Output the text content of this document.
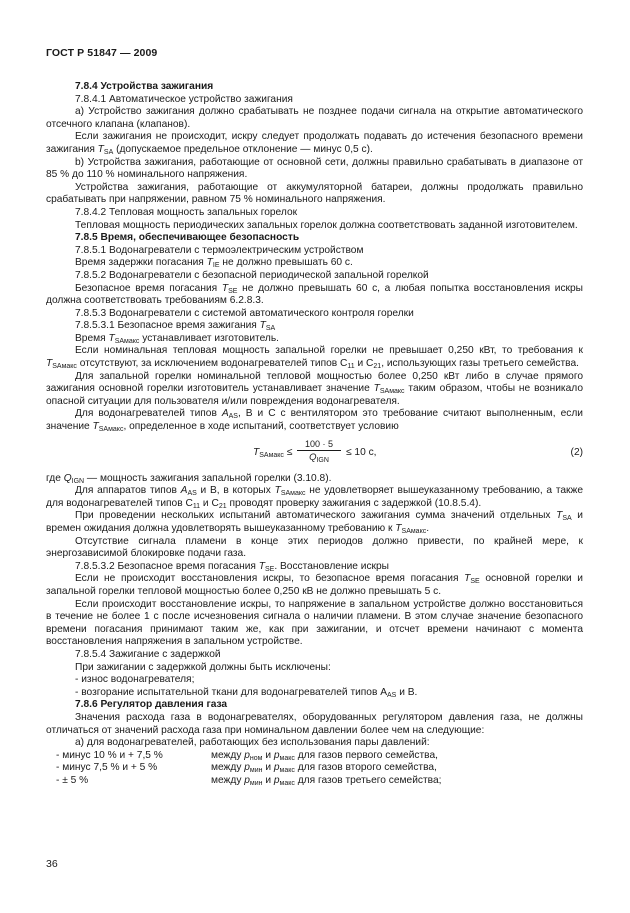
ГОСТ Р 51847 — 2009

7.8.4 Устройства зажигания

7.8.4.1 Автоматическое устройство зажигания

а) Устройство зажигания должно срабатывать не позднее подачи сигнала на открытие автоматического отсечного клапана (клапанов).

Если зажигания не происходит, искру следует продолжать подавать до истечения безопасного времени зажигания $T_{SA}$ (допускаемое предельное отклонение — минус 0,5 с).

b) Устройства зажигания, работающие от основной сети, должны правильно срабатывать в диапазоне от 85 % до 110 % номинального напряжения.

Устройства зажигания, работающие от аккумуляторной батареи, должны продолжать правильно срабатывать при напряжении, равном 75 % номинального напряжения.

7.8.4.2 Тепловая мощность запальных горелок

Тепловая мощность периодических запальных горелок должна соответствовать заданной изготовителем.

7.8.5 Время, обеспечивающее безопасность

7.8.5.1 Водонагреватели с термоэлектрическим устройством

Время задержки погасания $T_{IE}$ не должно превышать 60 с.

7.8.5.2 Водонагреватели с безопасной периодической запальной горелкой

Безопасное время погасания $T_{SE}$ не должно превышать 60 с, а любая попытка восстановления искры должна соответствовать требованиям 6.2.8.3.

7.8.5.3 Водонагреватели с системой автоматического контроля горелки

7.8.5.3.1 Безопасное время зажигания $T_{SA}$

Время $T_{SAмакс}$ устанавливает изготовитель.

Если номинальная тепловая мощность запальной горелки не превышает 0,250 кВт, то требования к $T_{SAмакс}$ отсутствуют, за исключением водонагревателей типов $C_{11}$ и $C_{21}$, использующих газы третьего семейства.

Для запальной горелки номинальной тепловой мощностью более 0,250 кВт либо в случае прямого зажигания основной горелки изготовитель устанавливает значение $T_{SAмакс}$ таким образом, чтобы не возникало опасной ситуации для пользователя и/или повреждения водонагревателя.

Для водонагревателей типов $A_{AS}$, B и C с вентилятором это требование считают выполненным, если значение $T_{SAмакс}$, определенное в ходе испытаний, соответствует условию

$T_{SAмакс}$ ≤
100 · 5
$Q_{IGN}$
≤ 10 с,	(2)

где $Q_{IGN}$ — мощность зажигания запальной горелки (3.10.8).

Для аппаратов типов $A_{AS}$ и B, в которых $T_{SAмакс}$ не удовлетворяет вышеуказанному требованию, а также для водонагревателей типов $C_{11}$ и $C_{21}$ проводят проверку зажигания с задержкой (10.8.5.4).

При проведении нескольких испытаний автоматического зажигания сумма значений отдельных $T_{SA}$ и времен ожидания должна удовлетворять вышеуказанному требованию к $T_{SAмакс}$.

Отсутствие сигнала пламени в конце этих периодов должно привести, по крайней мере, к энергозависимой блокировке подачи газа.

7.8.5.3.2 Безопасное время погасания $T_{SE}$. Восстановление искры

Если не происходит восстановления искры, то безопасное время погасания $T_{SE}$ основной горелки и запальной горелки тепловой мощностью более 0,250 кВ не должно превышать 5 с.

Если происходит восстановление искры, то напряжение в запальном устройстве должно восстановиться в течение не более 1 с после исчезновения сигнала о наличии пламени. В этом случае значение безопасного времени погасания принимают таким же, как при зажигании, и отсчет времени начинают с момента восстановления напряжения в запальном устройстве.

7.8.5.4 Зажигание с задержкой

При зажигании с задержкой должны быть исключены:

- износ водонагревателя;

- возгорание испытательной ткани для водонагревателей типов $A_{AS}$ и B.

7.8.6 Регулятор давления газа

Значения расхода газа в водонагревателях, оборудованных регулятором давления газа, не должны отличаться от значений расхода газа при номинальном давлении более чем на следующие:

а) для водонагревателей, работающих без использования пары давлений:

- минус 10 % и + 7,5 %	между $p_{ном}$ и $p_{макс}$ для газов первого семейства,
- минус 7,5 % и + 5 %	между $p_{мин}$ и $p_{макс}$ для газов второго семейства,
- ± 5 %	между $p_{мин}$ и $p_{макс}$ для газов третьего семейства;
36
